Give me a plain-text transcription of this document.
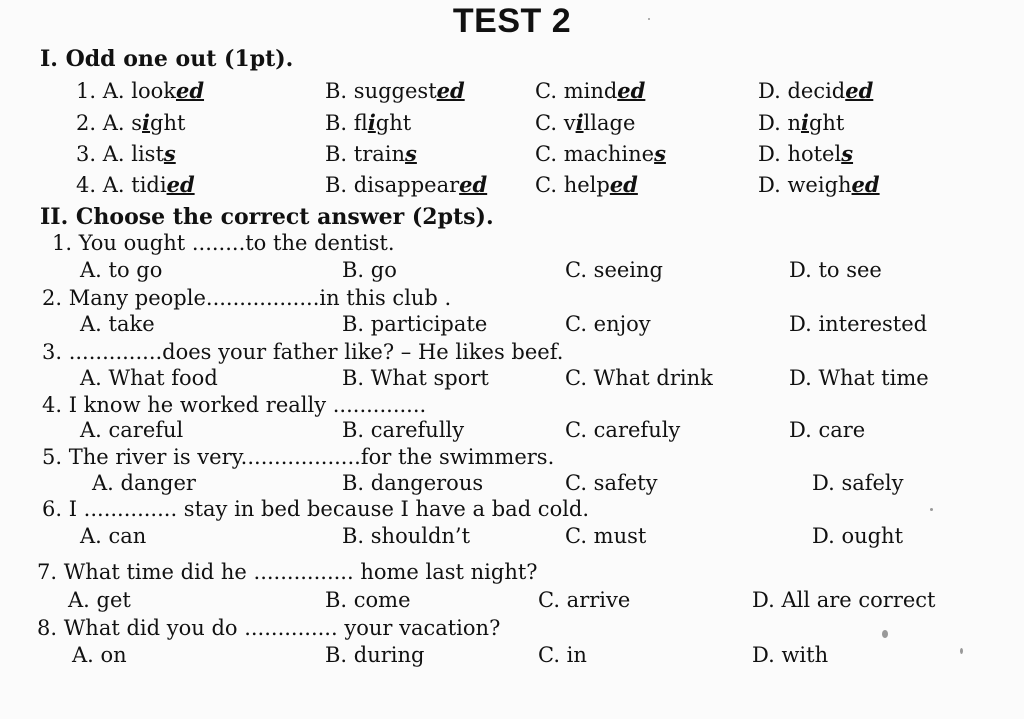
TEST 2
I. Odd one out (1pt).
1. A. looked	B. suggested	C. minded	D. decided
2. A. sight	B. flight	C. village	D. night
3. A. lists	B. trains	C. machines	D. hotels
4. A. tidied	B. disappeared C. helped	D. weighed
II. Choose the correct answer (2pts).
1. You ought ........to the dentist.
A. to go	B. go	C. seeing	D. to see
2. Many people.................in this club .
A. take	B. participate	C. enjoy	D. interested
3. ..............does your father like? – He likes beef.
A. What food	B. What sport	C. What drink	D. What time
4. I know he worked really ..............
A. careful	B. carefully	C. carefuly	D. care
5. The river is very..................for the swimmers.
A. danger	B. dangerous	C. safety	D. safely
6. I .............. stay in bed because I have a bad cold.
A. can	B. shouldn’t	C. must	D. ought
7. What time did he ............... home last night?
A. get	B. come	C. arrive	D. All are correct
8. What did you do .............. your vacation?
A. on	B. during	C. in	D. with
